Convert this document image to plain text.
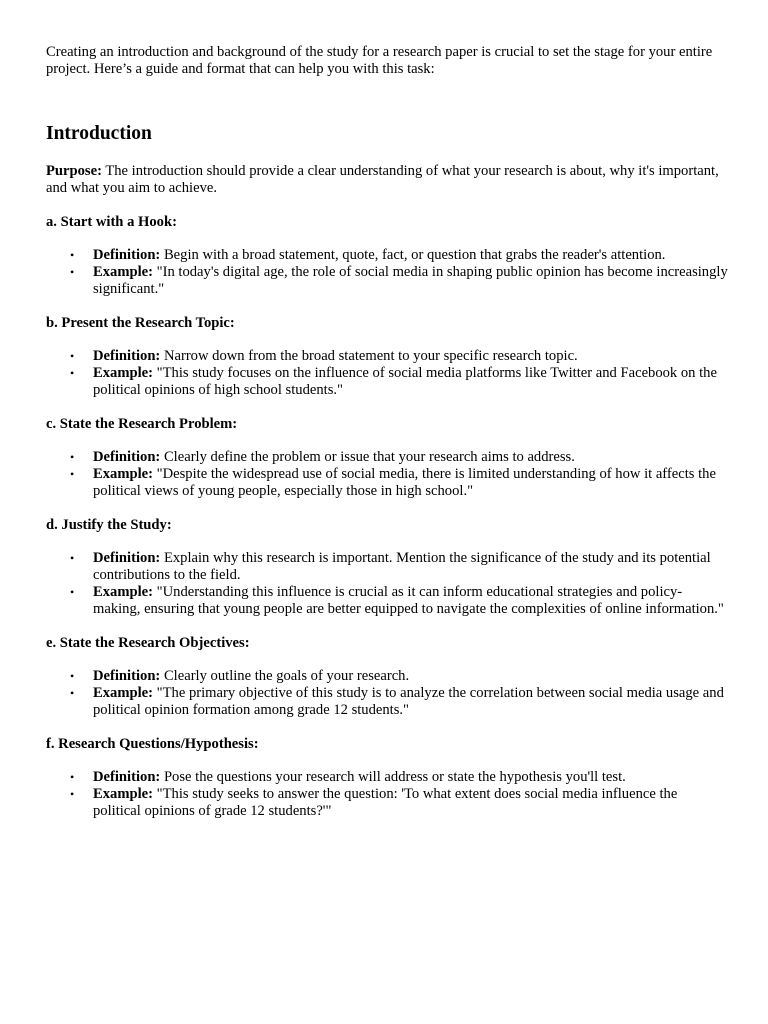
Creating an introduction and background of the study for a research paper is crucial to set the stage for your entire project. Here’s a guide and format that can help you with this task:

Introduction

Purpose: The introduction should provide a clear understanding of what your research is about, why it's important, and what you aim to achieve.

a. Start with a Hook:

• Definition: Begin with a broad statement, quote, fact, or question that grabs the reader's attention.
• Example: "In today's digital age, the role of social media in shaping public opinion has become increasingly significant."

b. Present the Research Topic:

• Definition: Narrow down from the broad statement to your specific research topic.
• Example: "This study focuses on the influence of social media platforms like Twitter and Facebook on the political opinions of high school students."

c. State the Research Problem:

• Definition: Clearly define the problem or issue that your research aims to address.
• Example: "Despite the widespread use of social media, there is limited understanding of how it affects the political views of young people, especially those in high school."

d. Justify the Study:

• Definition: Explain why this research is important. Mention the significance of the study and its potential contributions to the field.
• Example: "Understanding this influence is crucial as it can inform educational strategies and policy-making, ensuring that young people are better equipped to navigate the complexities of online information."

e. State the Research Objectives:

• Definition: Clearly outline the goals of your research.
• Example: "The primary objective of this study is to analyze the correlation between social media usage and political opinion formation among grade 12 students."

f. Research Questions/Hypothesis:

• Definition: Pose the questions your research will address or state the hypothesis you'll test.
• Example: "This study seeks to answer the question: 'To what extent does social media influence the political opinions of grade 12 students?'"
